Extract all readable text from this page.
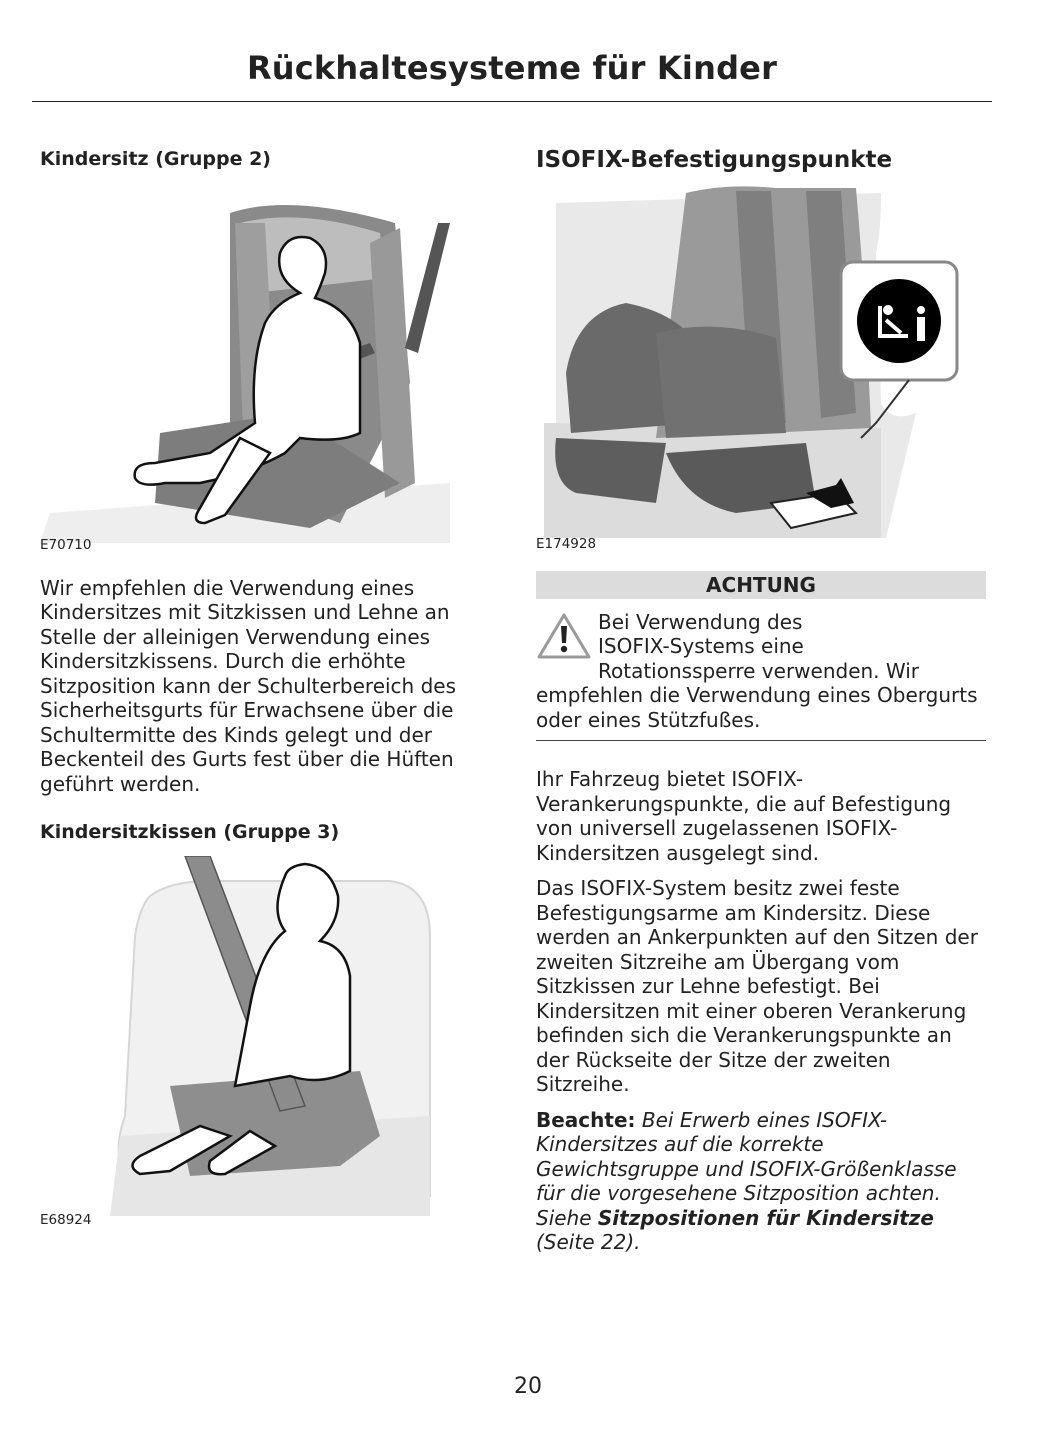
Rückhaltesysteme für Kinder
Kindersitz (Gruppe 2)

E70710

Wir empfehlen die Verwendung eines Kindersitzes mit Sitzkissen und Lehne an Stelle der alleinigen Verwendung eines Kindersitzkissens. Durch die erhöhte Sitzposition kann der Schulterbereich des Sicherheitsgurts für Erwachsene über die Schultermitte des Kinds gelegt und der Beckenteil des Gurts fest über die Hüften geführt werden.

Kindersitzkissen (Gruppe 3)

E68924

ISOFIX-Befestigungspunkte

E174928

ACHTUNG

Bei Verwendung des
ISOFIX-Systems eine
Rotationssperre verwenden. Wir
empfehlen die Verwendung eines Obergurts oder eines Stützfußes.

Ihr Fahrzeug bietet ISOFIX-Verankerungspunkte, die auf Befestigung von universell zugelassenen ISOFIX-Kindersitzen ausgelegt sind.

Das ISOFIX-System besitz zwei feste Befestigungsarme am Kindersitz. Diese werden an Ankerpunkten auf den Sitzen der zweiten Sitzreihe am Übergang vom Sitzkissen zur Lehne befestigt. Bei Kindersitzen mit einer oberen Verankerung befinden sich die Verankerungspunkte an der Rückseite der Sitze der zweiten Sitzreihe.

Beachte: Bei Erwerb eines ISOFIX-Kindersitzes auf die korrekte Gewichtsgruppe und ISOFIX-Größenklasse für die vorgesehene Sitzposition achten. Siehe Sitzpositionen für Kindersitze (Seite 22).

20
